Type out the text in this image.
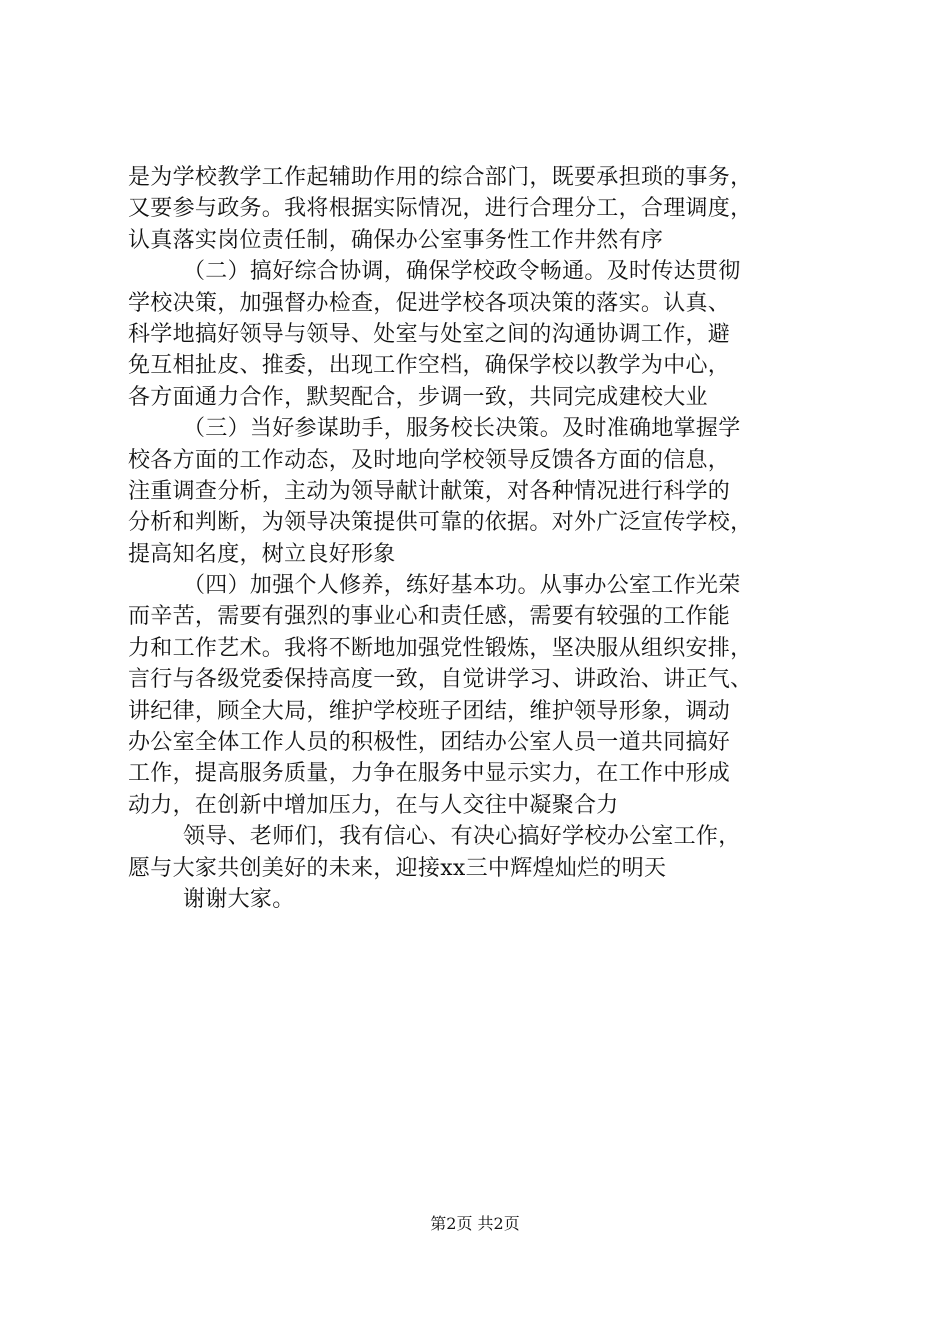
是为学校教学工作起辅助作用的综合部门，既要承担琐的事务，
又要参与政务。我将根据实际情况，进行合理分工，合理调度，
认真落实岗位责任制，确保办公室事务性工作井然有序
（二）搞好综合协调，确保学校政令畅通。及时传达贯彻
学校决策，加强督办检查，促进学校各项决策的落实。认真、
科学地搞好领导与领导、处室与处室之间的沟通协调工作，避
免互相扯皮、推委，出现工作空档，确保学校以教学为中心，
各方面通力合作，默契配合，步调一致，共同完成建校大业
（三）当好参谋助手，服务校长决策。及时准确地掌握学
校各方面的工作动态，及时地向学校领导反馈各方面的信息，
注重调查分析，主动为领导献计献策，对各种情况进行科学的
分析和判断，为领导决策提供可靠的依据。对外广泛宣传学校，
提高知名度，树立良好形象
（四）加强个人修养，练好基本功。从事办公室工作光荣
而辛苦，需要有强烈的事业心和责任感，需要有较强的工作能
力和工作艺术。我将不断地加强党性锻炼，坚决服从组织安排，
言行与各级党委保持高度一致，自觉讲学习、讲政治、讲正气、
讲纪律，顾全大局，维护学校班子团结，维护领导形象，调动
办公室全体工作人员的积极性，团结办公室人员一道共同搞好
工作，提高服务质量，力争在服务中显示实力，在工作中形成
动力，在创新中增加压力，在与人交往中凝聚合力
领导、老师们，我有信心、有决心搞好学校办公室工作，
愿与大家共创美好的未来，迎接xx三中辉煌灿烂的明天
谢谢大家。
第2页 共2页
